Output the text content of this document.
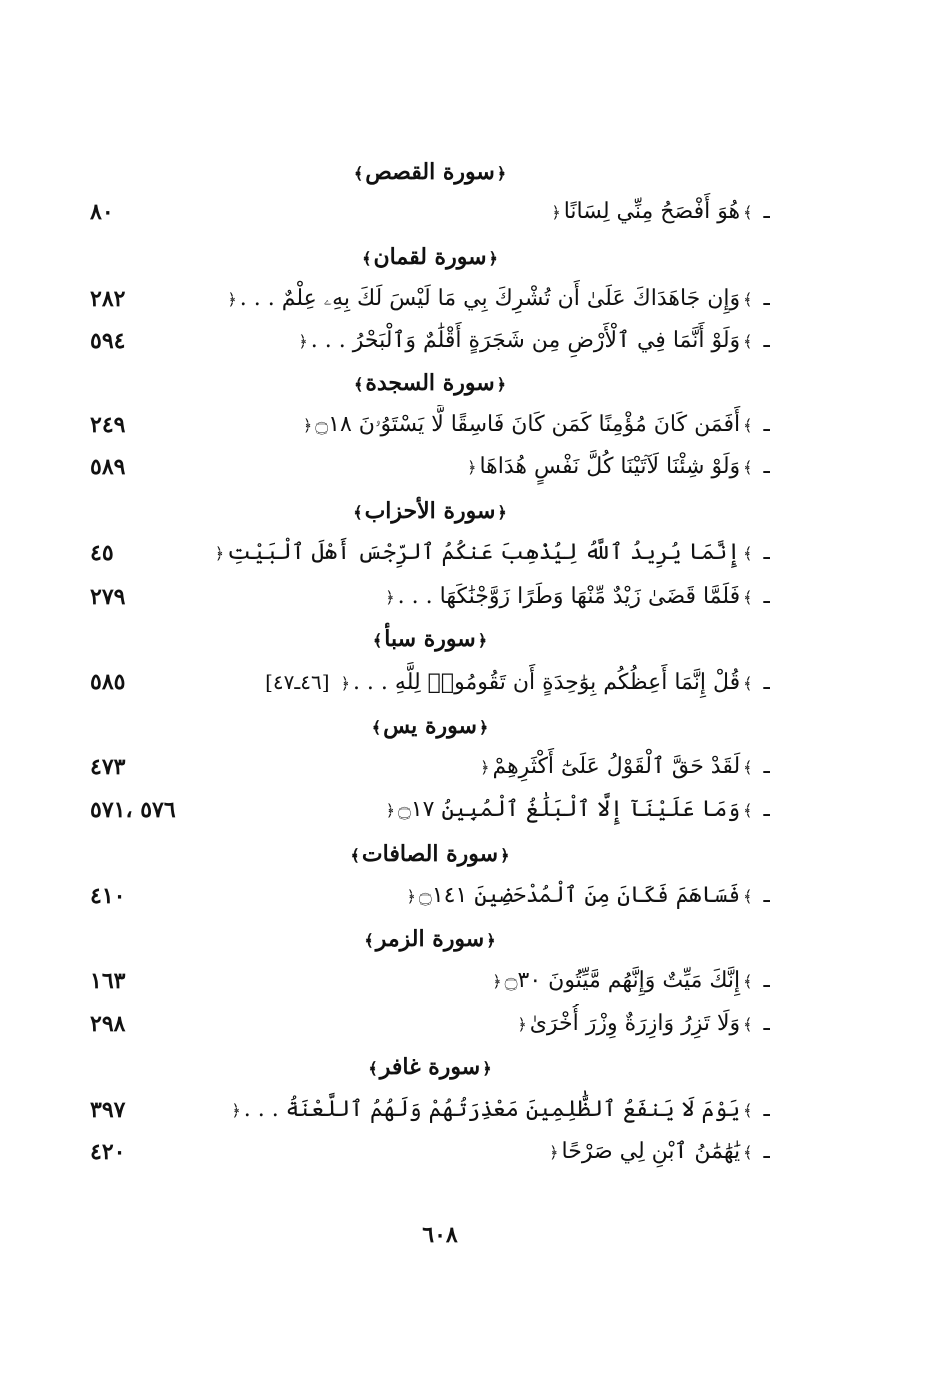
﴿سورة القصص﴾
٨٠	ـ﴾هُوَ أَفْصَحُ مِنِّي لِسَانًا﴿
﴿سورة لقمان﴾
٢٨٢	ـ﴾وَإِن جَاهَدَاكَ عَلَىٰ أَن تُشْرِكَ بِي مَا لَيْسَ لَكَ بِهِۦ عِلْمٌ . . .﴿
٥٩٤	ـ﴾وَلَوْ أَنَّمَا فِي ٱلْأَرْضِ مِن شَجَرَةٍ أَقْلَٰمٌ وَٱلْبَحْرُ . . .﴿
﴿سورة السجدة﴾
٢٤٩	ـ﴾أَفَمَن كَانَ مُؤْمِنًا كَمَن كَانَ فَاسِقًا لَّا يَسْتَوُۥنَ ۝١٨﴿
٥٨٩	ـ﴾وَلَوْ شِئْنَا لَآتَيْنَا كُلَّ نَفْسٍ هُدَاهَا﴿
﴿سورة الأحزاب﴾
٤٥	ـ﴾إِنَّمَا يُرِيدُ ٱللَّهُ لِيُذْهِبَ عَنكُمُ ٱلرِّجْسَ أَهْلَ ٱلْبَيْتِ﴿
٢٧٩	ـ﴾فَلَمَّا قَضَىٰ زَيْدٌ مِّنْهَا وَطَرًا زَوَّجْنَٰكَهَا . . .﴿
﴿سورة سبأ﴾
٥٨٥	ـ﴾قُلْ إِنَّمَا أَعِظُكُم بِوَٰحِدَةٍ أَن تَقُومُوا۟ لِلَّهِ . . .﴿[٤٦ـ٤٧]
﴿سورة يس﴾
٤٧٣	ـ﴾لَقَدْ حَقَّ ٱلْقَوْلُ عَلَىٰٓ أَكْثَرِهِمْ﴿
٥٧٦ ،٥٧١	ـ﴾وَمَا عَلَيْنَآ إِلَّا ٱلْبَلَٰغُ ٱلْمُبِينُ ۝١٧﴿
﴿سورة الصافات﴾
٤١٠	ـ﴾فَسَاهَمَ فَكَانَ مِنَ ٱلْمُدْحَضِينَ ۝١٤١﴿
﴿سورة الزمر﴾
١٦٣	ـ﴾إِنَّكَ مَيِّتٌ وَإِنَّهُم مَّيِّتُونَ ۝٣٠﴿
٢٩٨	ـ﴾وَلَا تَزِرُ وَازِرَةٌ وِزْرَ أُخْرَىٰ﴿
﴿سورة غافر﴾
٣٩٧	ـ﴾يَوْمَ لَا يَنفَعُ ٱلظَّٰلِمِينَ مَعْذِرَتُهُمْ وَلَهُمُ ٱللَّعْنَةُ . . .﴿
٤٢٠	ـ﴾يَٰهَٰمَٰنُ ٱبْنِ لِي صَرْحًا﴿
٦٠٨
